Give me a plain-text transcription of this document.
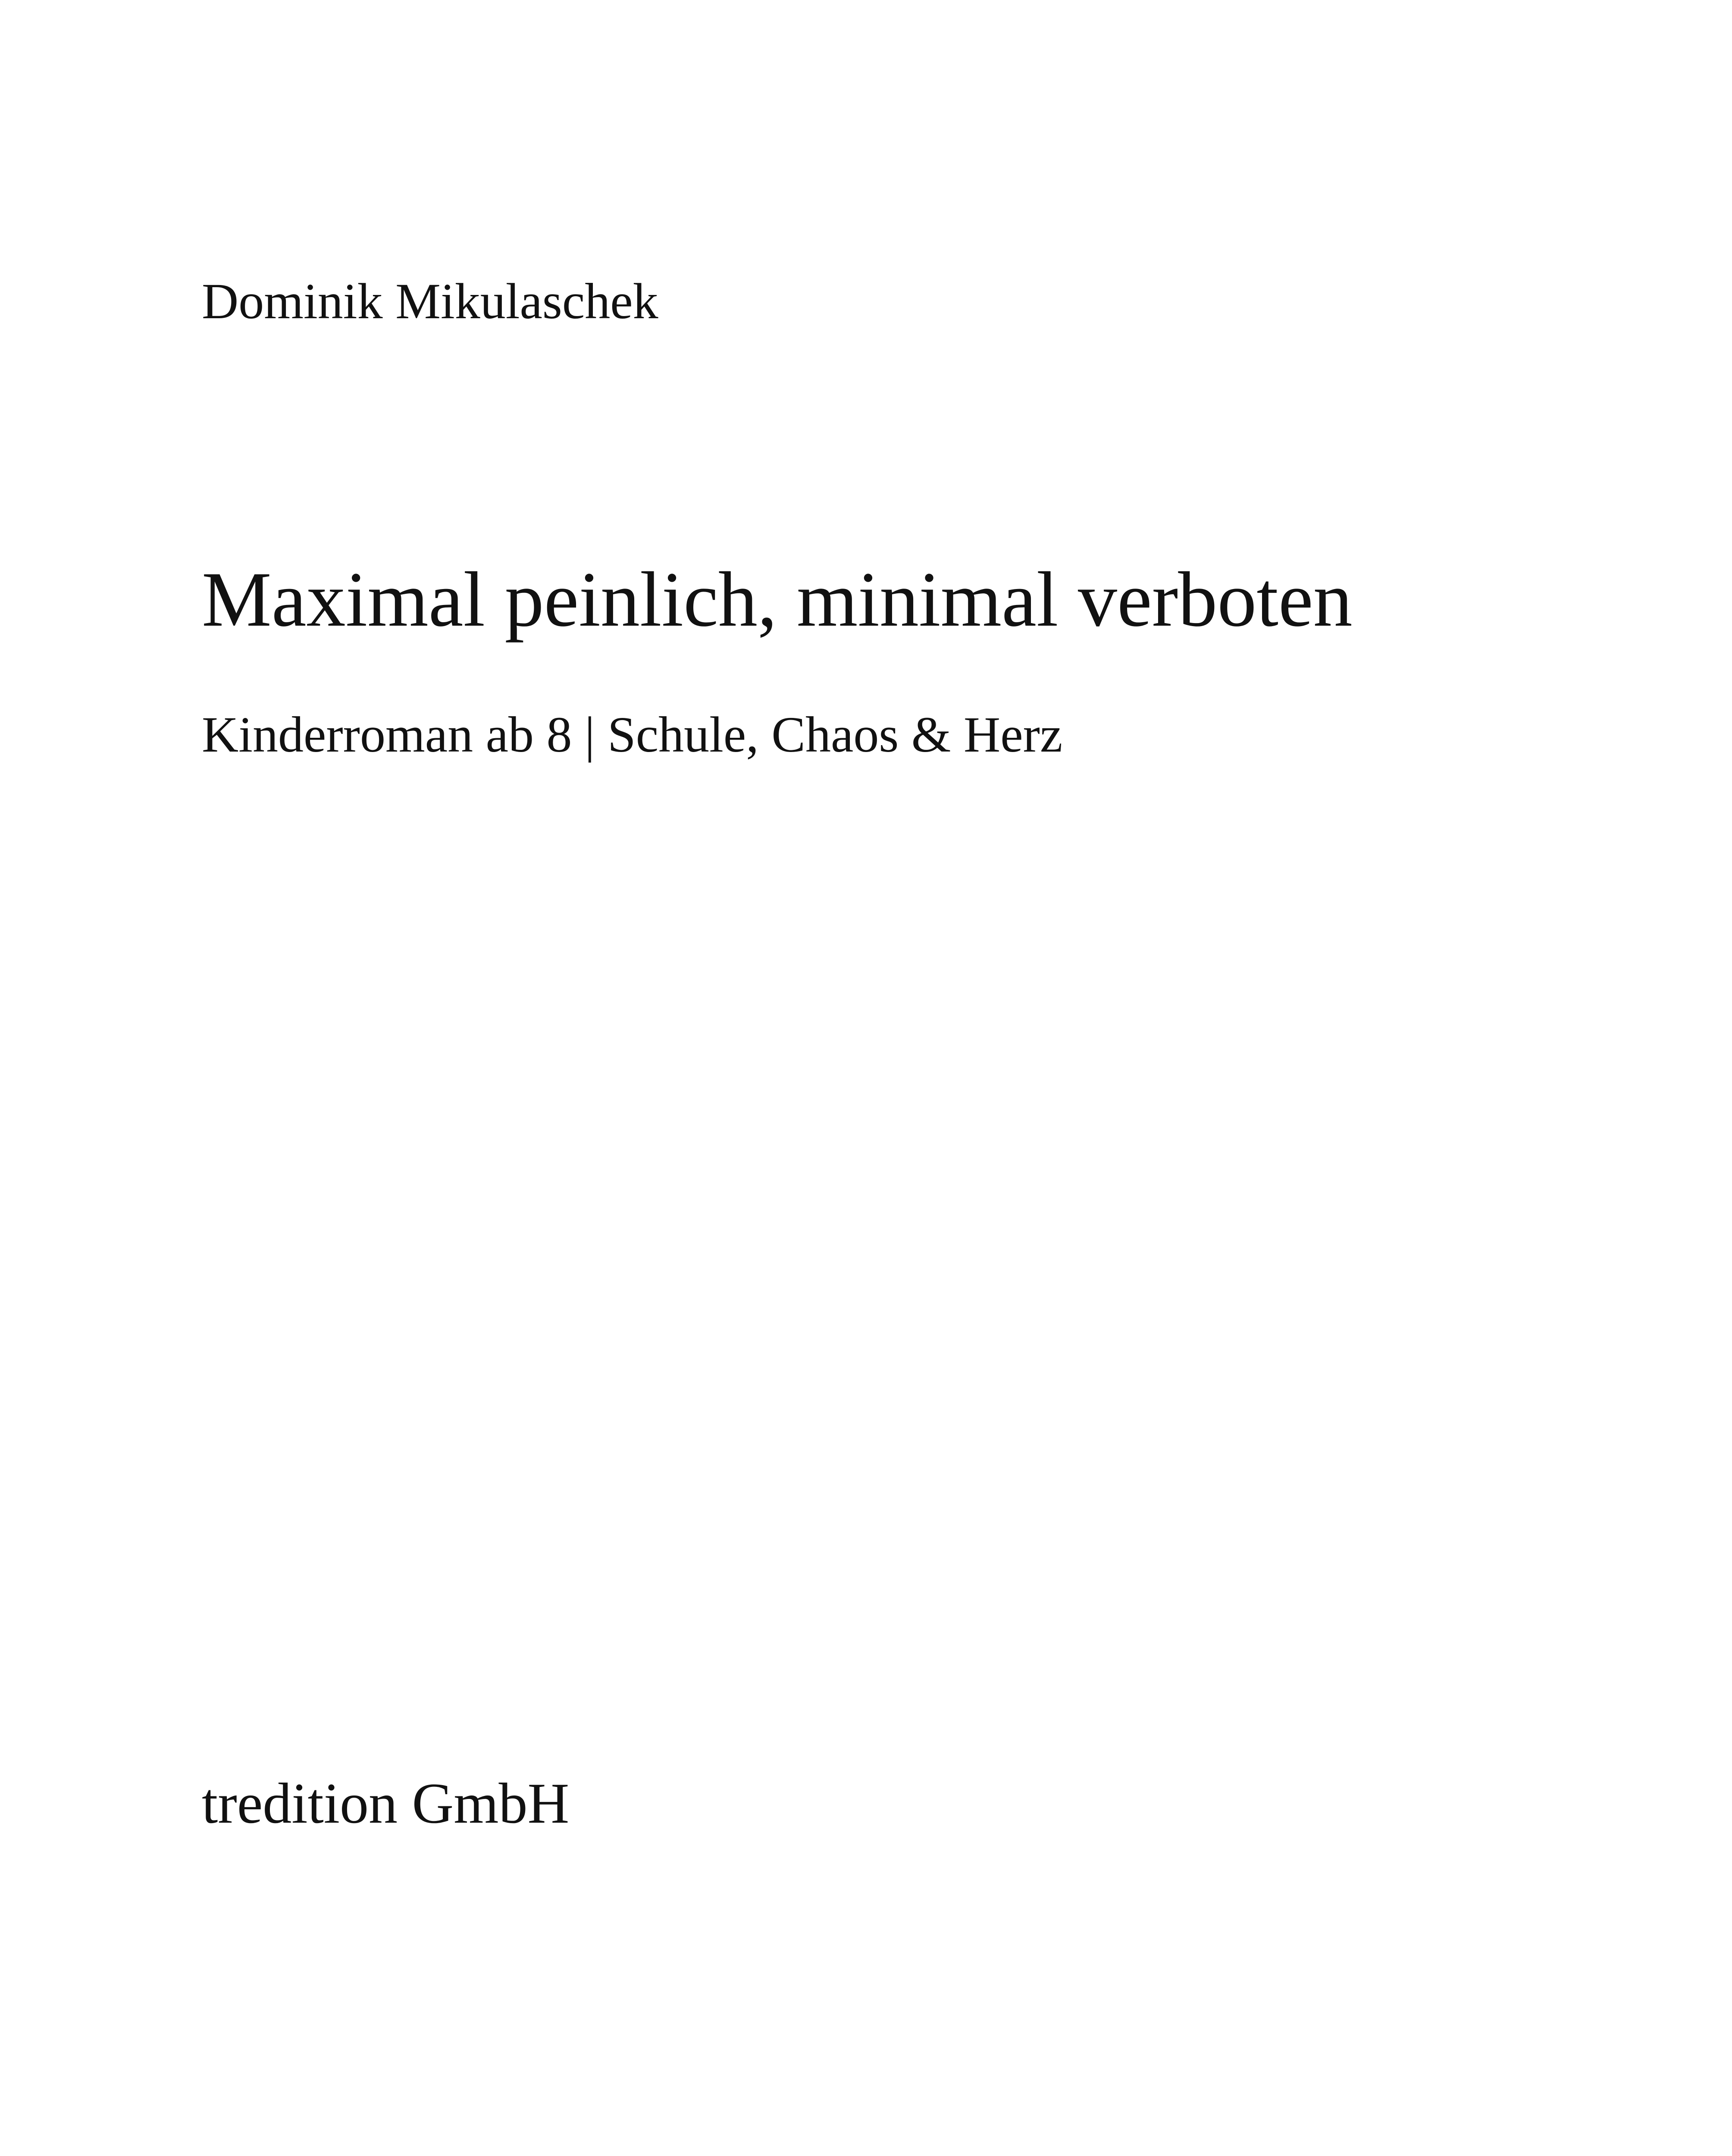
Dominik Mikulaschek
Maximal peinlich, minimal verboten
Kinderroman ab 8 | Schule, Chaos & Herz
tredition GmbH
